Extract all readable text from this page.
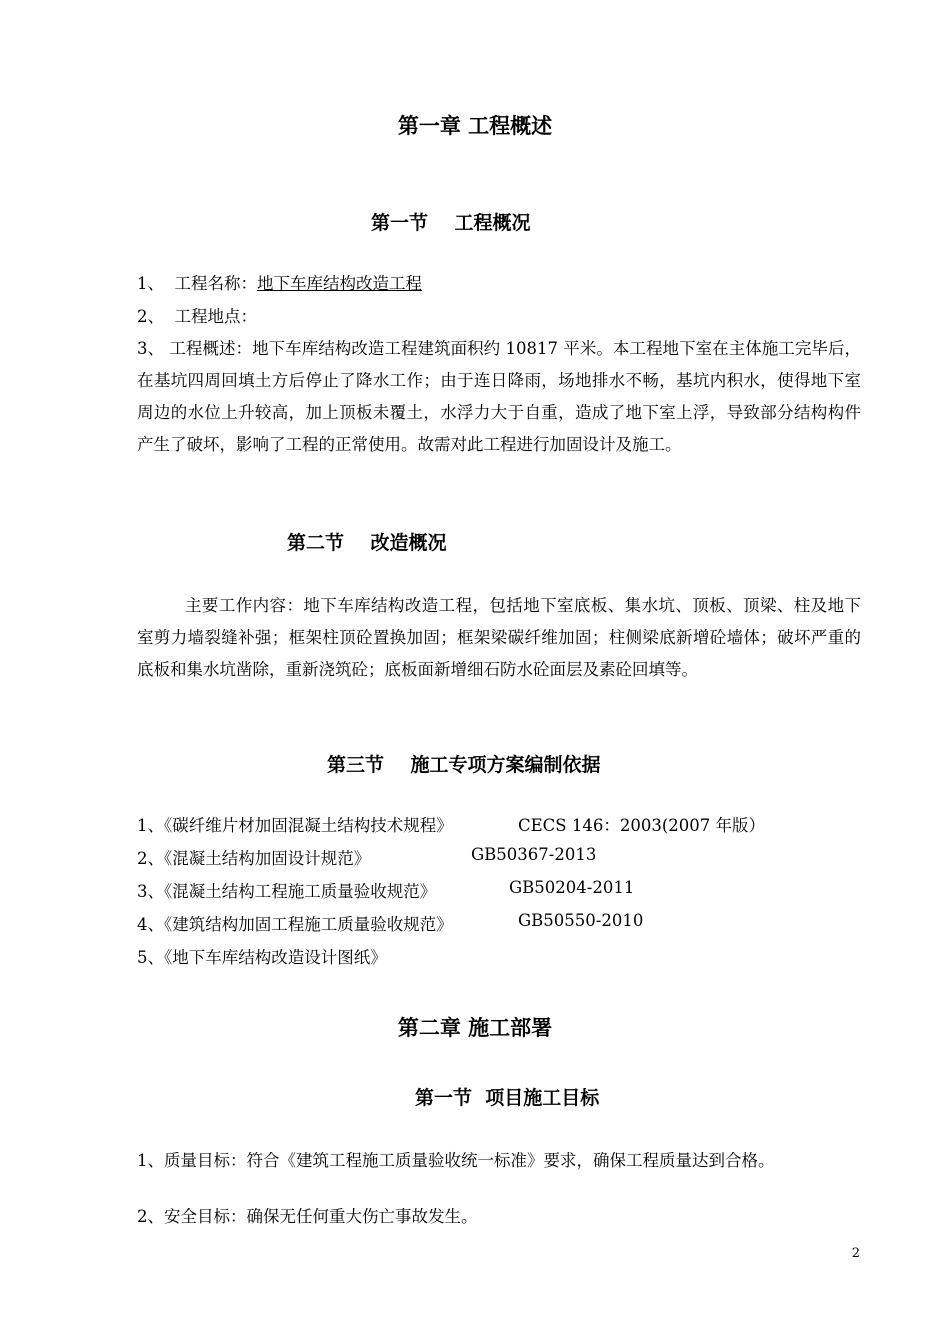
第一章 工程概述
第一节    工程概况
1、 工程名称：地下车库结构改造工程
2、 工程地点：
3、 工程概述：地下车库结构改造工程建筑面积约 10817 平米。本工程地下室在主体施工完毕后，在基坑四周回填土方后停止了降水工作；由于连日降雨，场地排水不畅，基坑内积水，使得地下室周边的水位上升较高，加上顶板未覆土，水浮力大于自重，造成了地下室上浮，导致部分结构构件产生了破坏，影响了工程的正常使用。故需对此工程进行加固设计及施工。
第二节    改造概况
主要工作内容：地下车库结构改造工程，包括地下室底板、集水坑、顶板、顶梁、柱及地下室剪力墙裂缝补强；框架柱顶砼置换加固；框架梁碳纤维加固；柱侧梁底新增砼墙体；破坏严重的底板和集水坑凿除，重新浇筑砼；底板面新增细石防水砼面层及素砼回填等。
第三节    施工专项方案编制依据
1、《碳纤维片材加固混凝土结构技术规程》	CECS 146：2003(2007 年版）
2、《混凝土结构加固设计规范》	GB50367-2013
3、《混凝土结构工程施工质量验收规范》	GB50204-2011
4、《建筑结构加固工程施工质量验收规范》	GB50550-2010
5、《地下车库结构改造设计图纸》
第二章 施工部署
第一节  项目施工目标
1、质量目标：符合《建筑工程施工质量验收统一标准》要求，确保工程质量达到合格。
2、安全目标：确保无任何重大伤亡事故发生。
2
